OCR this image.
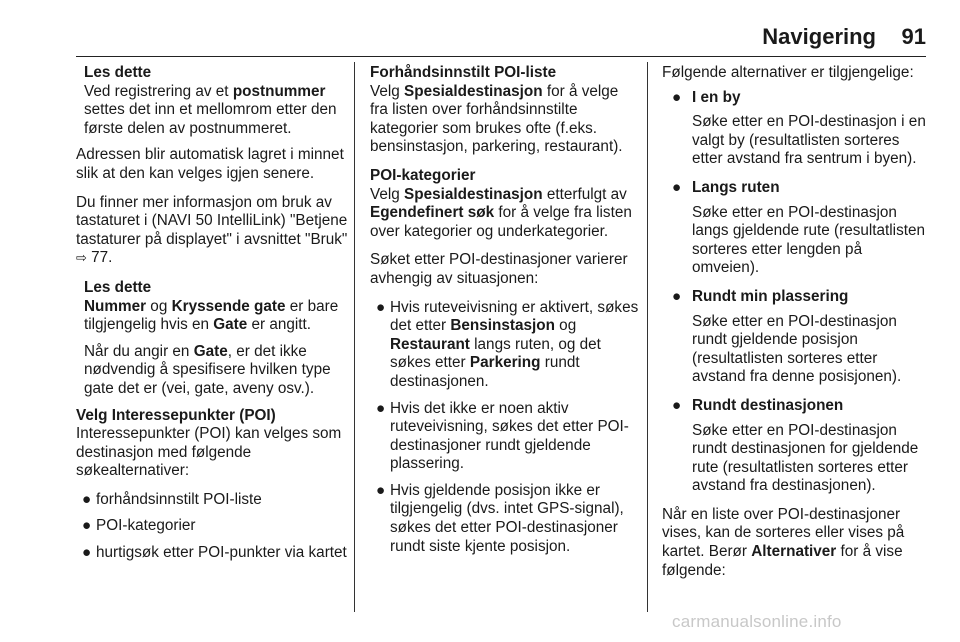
Navigering 91
Les dette

Ved registrering av et postnummer settes det inn et mellomrom etter den første delen av postnummeret.

Adressen blir automatisk lagret i minnet slik at den kan velges igjen senere.

Du finner mer informasjon om bruk av tastaturet i (NAVI 50 IntelliLink) "Betjene tastaturer på displayet" i avsnittet "Bruk" ⇨ 77.

Les dette

Nummer og Kryssende gate er bare tilgjengelig hvis en Gate er angitt.

Når du angir en Gate, er det ikke nødvendig å spesifisere hvilken type gate det er (vei, gate, aveny osv.).

Velg Interessepunkter (POI)
Interessepunkter (POI) kan velges som destinasjon med følgende søkealternativer:

● forhåndsinnstilt POI-liste
● POI-kategorier
● hurtigsøk etter POI-punkter via kartet

Forhåndsinnstilt POI-liste
Velg Spesialdestinasjon for å velge fra listen over forhåndsinnstilte kategorier som brukes ofte (f.eks. bensinstasjon, parkering, restaurant).

POI-kategorier
Velg Spesialdestinasjon etterfulgt av Egendefinert søk for å velge fra listen over kategorier og underkategorier.

Søket etter POI-destinasjoner varierer avhengig av situasjonen:

● Hvis ruteveivisning er aktivert, søkes det etter Bensinstasjon og Restaurant langs ruten, og det søkes etter Parkering rundt destinasjonen.
● Hvis det ikke er noen aktiv ruteveivisning, søkes det etter POI-destinasjoner rundt gjeldende plassering.
● Hvis gjeldende posisjon ikke er tilgjengelig (dvs. intet GPS-signal), søkes det etter POI-destinasjoner rundt siste kjente posisjon.

Følgende alternativer er tilgjengelige:

● I en by
Søke etter en POI-destinasjon i en valgt by (resultatlisten sorteres etter avstand fra sentrum i byen).
● Langs ruten
Søke etter en POI-destinasjon langs gjeldende rute (resultatlisten sorteres etter lengden på omveien).
● Rundt min plassering
Søke etter en POI-destinasjon rundt gjeldende posisjon (resultatlisten sorteres etter avstand fra denne posisjonen).
● Rundt destinasjonen
Søke etter en POI-destinasjon rundt destinasjonen for gjeldende rute (resultatlisten sorteres etter avstand fra destinasjonen).

Når en liste over POI-destinasjoner vises, kan de sorteres eller vises på kartet. Berør Alternativer for å vise følgende:

carmanualsonline.info
